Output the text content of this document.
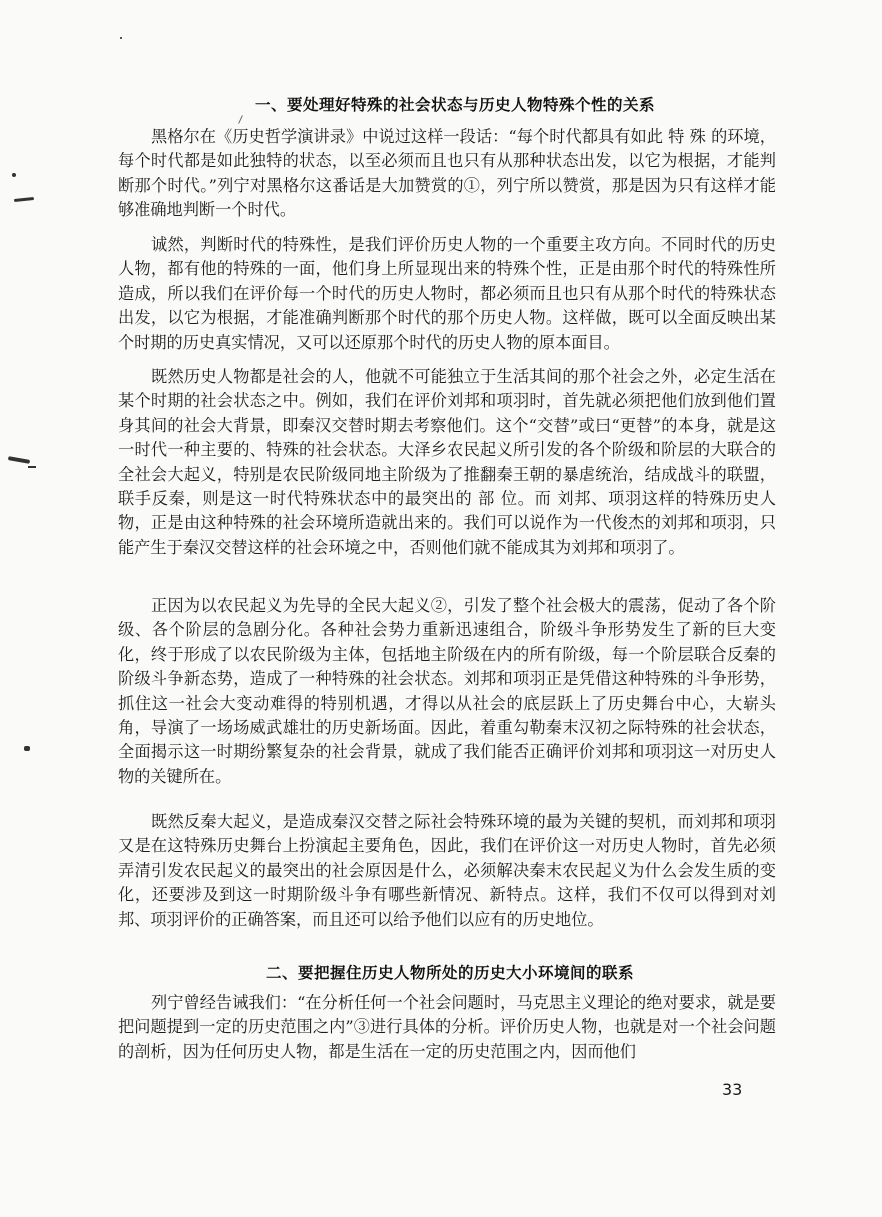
一、要处理好特殊的社会状态与历史人物特殊个性的关系

黑格尔在《历史哲学演讲录》中说过这样一段话：“每个时代都具有如此 特 殊 的环境，每个时代都是如此独特的状态，以至必须而且也只有从那种状态出发，以它为根据，才能判断那个时代。”列宁对黑格尔这番话是大加赞赏的①，列宁所以赞赏，那是因为只有这样才能够准确地判断一个时代。

诚然，判断时代的特殊性，是我们评价历史人物的一个重要主攻方向。不同时代的历史人物，都有他的特殊的一面，他们身上所显现出来的特殊个性，正是由那个时代的特殊性所造成，所以我们在评价每一个时代的历史人物时，都必须而且也只有从那个时代的特殊状态出发，以它为根据，才能准确判断那个时代的那个历史人物。这样做，既可以全面反映出某个时期的历史真实情况，又可以还原那个时代的历史人物的原本面目。

既然历史人物都是社会的人，他就不可能独立于生活其间的那个社会之外，必定生活在某个时期的社会状态之中。例如，我们在评价刘邦和项羽时，首先就必须把他们放到他们置身其间的社会大背景，即秦汉交替时期去考察他们。这个“交替”或曰“更替”的本身，就是这一时代一种主要的、特殊的社会状态。大泽乡农民起义所引发的各个阶级和阶层的大联合的全社会大起义，特别是农民阶级同地主阶级为了推翻秦王朝的暴虐统治，结成战斗的联盟，联手反秦，则是这一时代特殊状态中的最突出的 部 位。而 刘邦、项羽这样的特殊历史人物，正是由这种特殊的社会环境所造就出来的。我们可以说作为一代俊杰的刘邦和项羽，只能产生于秦汉交替这样的社会环境之中，否则他们就不能成其为刘邦和项羽了。

正因为以农民起义为先导的全民大起义②，引发了整个社会极大的震荡，促动了各个阶级、各个阶层的急剧分化。各种社会势力重新迅速组合，阶级斗争形势发生了新的巨大变化，终于形成了以农民阶级为主体，包括地主阶级在内的所有阶级，每一个阶层联合反秦的阶级斗争新态势，造成了一种特殊的社会状态。刘邦和项羽正是凭借这种特殊的斗争形势，抓住这一社会大变动难得的特别机遇，才得以从社会的底层跃上了历史舞台中心，大崭头角，导演了一场场威武雄壮的历史新场面。因此，着重勾勒秦末汉初之际特殊的社会状态，全面揭示这一时期纷繁复杂的社会背景，就成了我们能否正确评价刘邦和项羽这一对历史人物的关键所在。

既然反秦大起义，是造成秦汉交替之际社会特殊环境的最为关键的契机，而刘邦和项羽又是在这特殊历史舞台上扮演起主要角色，因此，我们在评价这一对历史人物时，首先必须弄清引发农民起义的最突出的社会原因是什么，必须解决秦末农民起义为什么会发生质的变化，还要涉及到这一时期阶级斗争有哪些新情况、新特点。这样，我们不仅可以得到对刘邦、项羽评价的正确答案，而且还可以给予他们以应有的历史地位。

二、要把握住历史人物所处的历史大小环境间的联系

列宁曾经告诫我们：“在分析任何一个社会问题时，马克思主义理论的绝对要求，就是要把问题提到一定的历史范围之内”③进行具体的分析。评价历史人物，也就是对一个社会问题的剖析，因为任何历史人物，都是生活在一定的历史范围之内，因而他们

33
